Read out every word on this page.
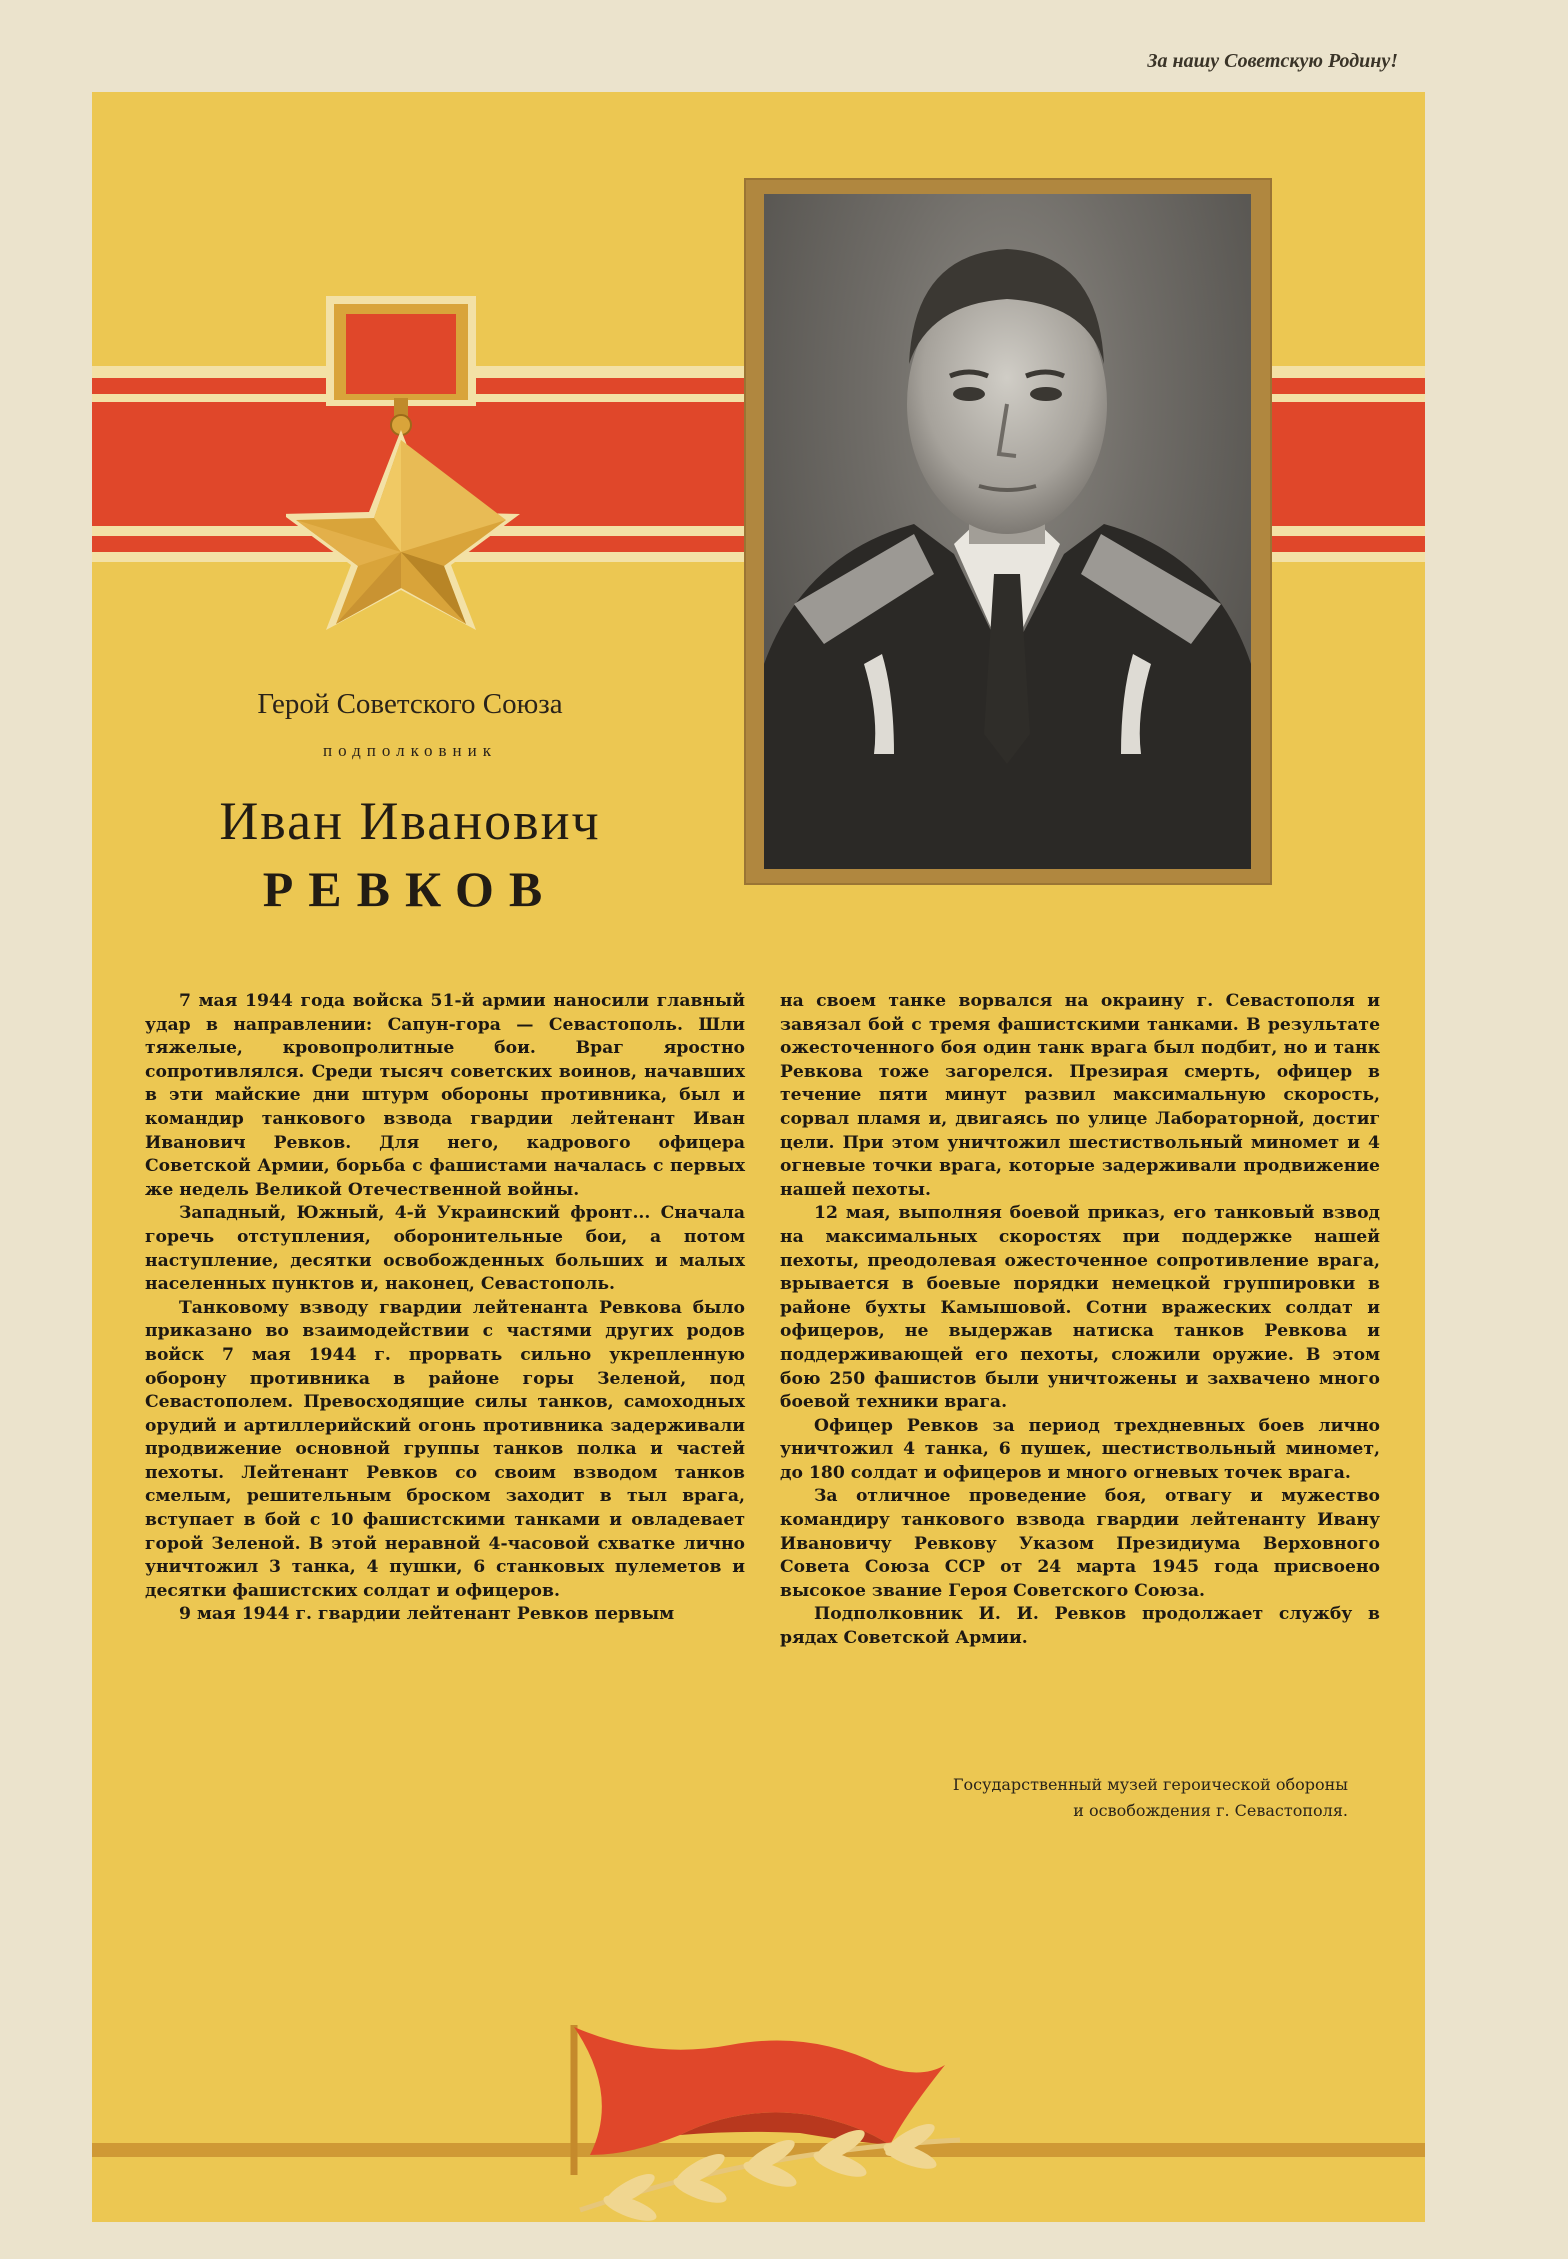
За нашу Советскую Родину!
Герой Советского Союза
подполковник
Иван Иванович
РЕВКОВ

7 мая 1944 года войска 51-й армии наносили главный удар в направлении: Сапун-гора — Севастополь. Шли тяжелые, кровопролитные бои. Враг яростно сопротивлялся. Среди тысяч советских воинов, начавших в эти майские дни штурм обороны противника, был и командир танкового взвода гвардии лейтенант Иван Иванович Ревков. Для него, кадрового офицера Советской Армии, борьба с фашистами началась с первых же недель Великой Отечественной войны.

Западный, Южный, 4-й Украинский фронт... Сначала горечь отступления, оборонительные бои, а потом наступление, десятки освобожденных больших и малых населенных пунктов и, наконец, Севастополь.

Танковому взводу гвардии лейтенанта Ревкова было приказано во взаимодействии с частями других родов войск 7 мая 1944 г. прорвать сильно укрепленную оборону противника в районе горы Зеленой, под Севастополем. Превосходящие силы танков, самоходных орудий и артиллерийский огонь противника задерживали продвижение основной группы танков полка и частей пехоты. Лейтенант Ревков со своим взводом танков смелым, решительным броском заходит в тыл врага, вступает в бой с 10 фашистскими танками и овладевает горой Зеленой. В этой неравной 4-часовой схватке лично уничтожил 3 танка, 4 пушки, 6 станковых пулеметов и десятки фашистских солдат и офицеров.

9 мая 1944 г. гвардии лейтенант Ревков первым

на своем танке ворвался на окраину г. Севастополя и завязал бой с тремя фашистскими танками. В результате ожесточенного боя один танк врага был подбит, но и танк Ревкова тоже загорелся. Презирая смерть, офицер в течение пяти минут развил максимальную скорость, сорвал пламя и, двигаясь по улице Лабораторной, достиг цели. При этом уничтожил шестиствольный миномет и 4 огневые точки врага, которые задерживали продвижение нашей пехоты.

12 мая, выполняя боевой приказ, его танковый взвод на максимальных скоростях при поддержке нашей пехоты, преодолевая ожесточенное сопротивление врага, врывается в боевые порядки немецкой группировки в районе бухты Камышовой. Сотни вражеских солдат и офицеров, не выдержав натиска танков Ревкова и поддерживающей его пехоты, сложили оружие. В этом бою 250 фашистов были уничтожены и захвачено много боевой техники врага.

Офицер Ревков за период трехдневных боев лично уничтожил 4 танка, 6 пушек, шестиствольный миномет, до 180 солдат и офицеров и много огневых точек врага.

За отличное проведение боя, отвагу и мужество командиру танкового взвода гвардии лейтенанту Ивану Ивановичу Ревкову Указом Президиума Верховного Совета Союза ССР от 24 марта 1945 года присвоено высокое звание Героя Советского Союза.

Подполковник И. И. Ревков продолжает службу в рядах Советской Армии.

Государственный музей героической обороны
и освобождения г. Севастополя.
